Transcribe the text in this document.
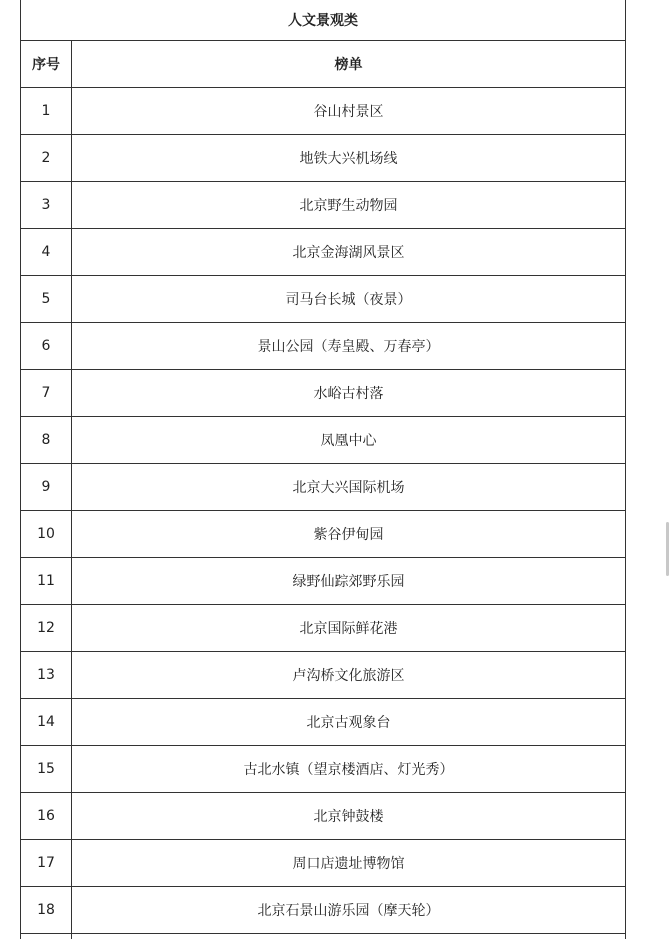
人文景观类	
序号	榜单
1	谷山村景区
2	地铁大兴机场线
3	北京野生动物园
4	北京金海湖风景区
5	司马台长城（夜景）
6	景山公园（寿皇殿、万春亭）
7	水峪古村落
8	凤凰中心
9	北京大兴国际机场
10	紫谷伊甸园
11	绿野仙踪郊野乐园
12	北京国际鲜花港
13	卢沟桥文化旅游区
14	北京古观象台
15	古北水镇（望京楼酒店、灯光秀）
16	北京钟鼓楼
17	周口店遗址博物馆
18	北京石景山游乐园（摩天轮）
